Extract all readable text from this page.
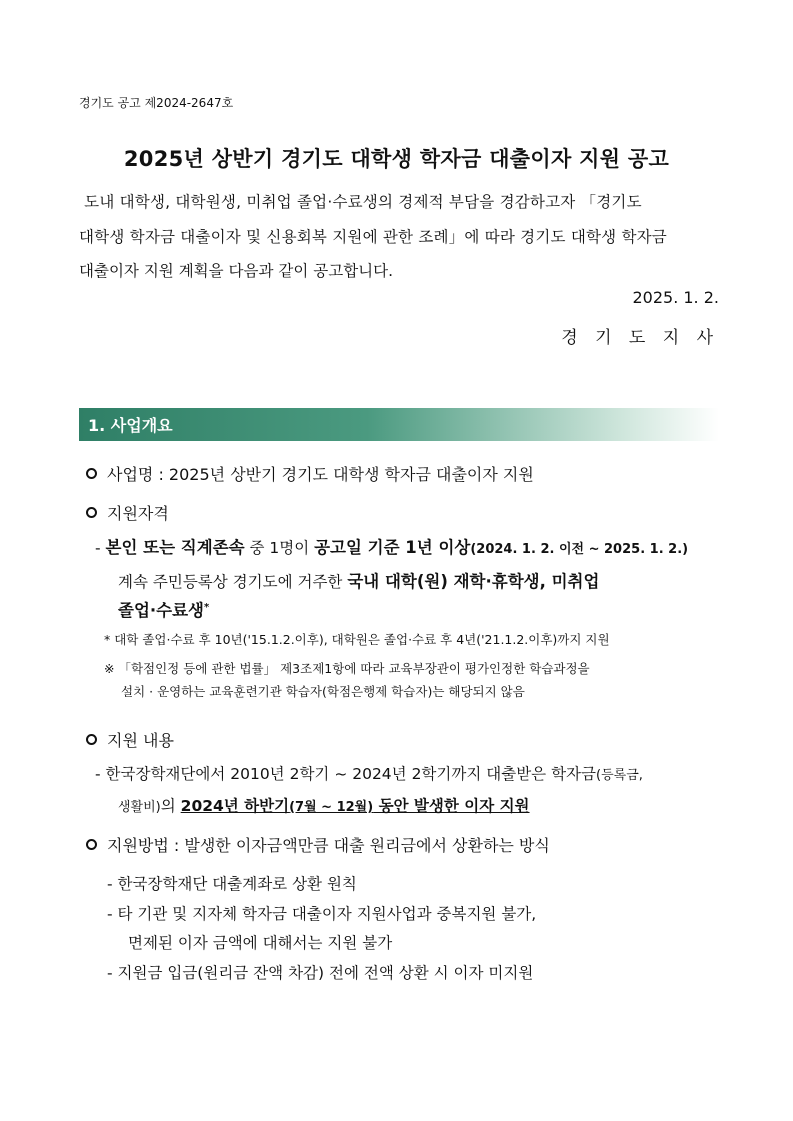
경기도 공고 제2024-2647호
2025년 상반기 경기도 대학생 학자금 대출이자 지원 공고
도내 대학생, 대학원생, 미취업 졸업·수료생의 경제적 부담을 경감하고자 「경기도
대학생 학자금 대출이자 및 신용회복 지원에 관한 조례」에 따라 경기도 대학생 학자금
대출이자 지원 계획을 다음과 같이 공고합니다.
2025. 1. 2.
경 기 도 지 사
1. 사업개요
사업명 : 2025년 상반기 경기도 대학생 학자금 대출이자 지원
지원자격
- 본인 또는 직계존속 중 1명이 공고일 기준 1년 이상(2024. 1. 2. 이전 ~ 2025. 1. 2.)
계속 주민등록상 경기도에 거주한 국내 대학(원) 재학·휴학생, 미취업
졸업·수료생*
* 대학 졸업·수료 후 10년('15.1.2.이후), 대학원은 졸업·수료 후 4년('21.1.2.이후)까지 지원
※ 「학점인정 등에 관한 법률」 제3조제1항에 따라 교육부장관이 평가인정한 학습과정을
설치 · 운영하는 교육훈련기관 학습자(학점은행제 학습자)는 해당되지 않음
지원 내용
- 한국장학재단에서 2010년 2학기 ~ 2024년 2학기까지 대출받은 학자금(등록금,
생활비)의 2024년 하반기(7월 ~ 12월) 동안 발생한 이자 지원
지원방법 : 발생한 이자금액만큼 대출 원리금에서 상환하는 방식
- 한국장학재단 대출계좌로 상환 원칙
- 타 기관 및 지자체 학자금 대출이자 지원사업과 중복지원 불가,
면제된 이자 금액에 대해서는 지원 불가
- 지원금 입금(원리금 잔액 차감) 전에 전액 상환 시 이자 미지원
